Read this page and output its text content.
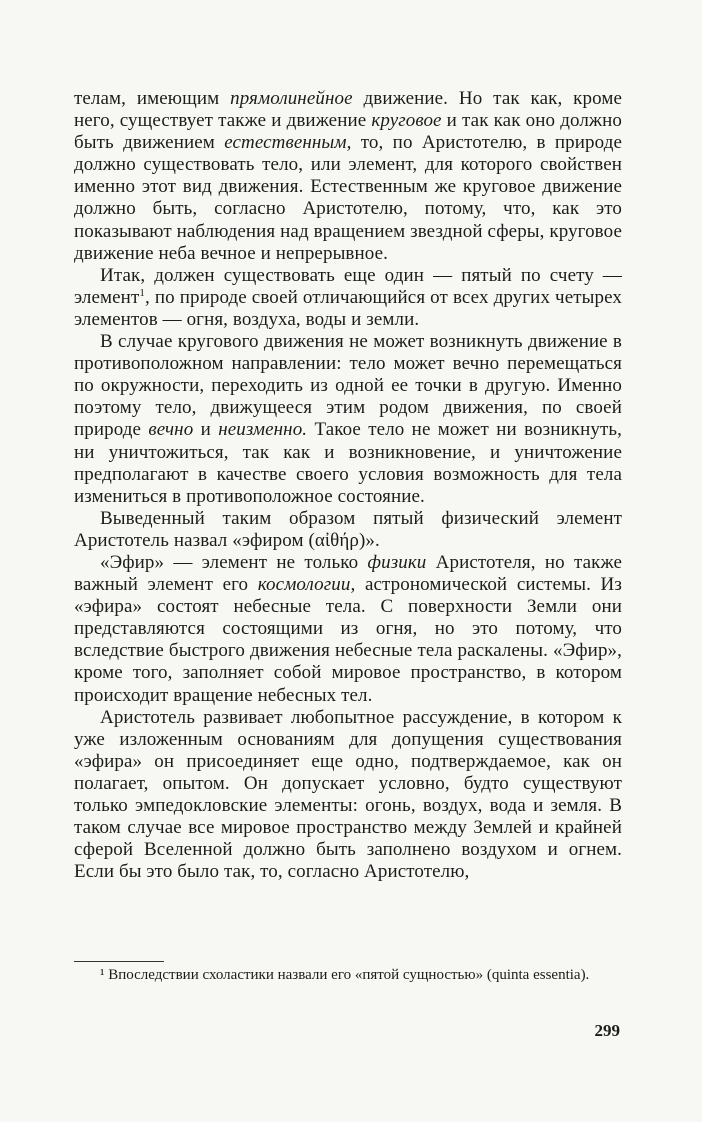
телам, имеющим прямолинейное движение. Но так как, кроме него, существует также и движение круговое и так как оно должно быть движением естественным, то, по Аристотелю, в природе должно существовать тело, или элемент, для которого свойствен именно этот вид движения. Естественным же круговое движение должно быть, согласно Аристотелю, потому, что, как это показывают наблюдения над вращением звездной сферы, круговое движение неба вечное и непрерывное.

Итак, должен существовать еще один — пятый по счету — элемент$^1$, по природе своей отличающийся от всех других четырех элементов — огня, воздуха, воды и земли.

В случае кругового движения не может возникнуть движение в противоположном направлении: тело может вечно перемещаться по окружности, переходить из одной ее точки в другую. Именно поэтому тело, движущееся этим родом движения, по своей природе вечно и неизменно. Такое тело не может ни возникнуть, ни уничтожиться, так как и возникновение, и уничтожение предполагают в качестве своего условия возможность для тела измениться в противоположное состояние.

Выведенный таким образом пятый физический элемент Аристотель назвал «эфиром (αἰθήρ)».

«Эфир» — элемент не только физики Аристотеля, но также важный элемент его космологии, астрономической системы. Из «эфира» состоят небесные тела. С поверхности Земли они представляются состоящими из огня, но это потому, что вследствие быстрого движения небесные тела раскалены. «Эфир», кроме того, заполняет собой мировое пространство, в котором происходит вращение небесных тел.

Аристотель развивает любопытное рассуждение, в котором к уже изложенным основаниям для допущения существования «эфира» он присоединяет еще одно, подтверждаемое, как он полагает, опытом. Он допускает условно, будто существуют только эмпедокловские элементы: огонь, воздух, вода и земля. В таком случае все мировое пространство между Землей и крайней сферой Вселенной должно быть заполнено воздухом и огнем. Если бы это было так, то, согласно Аристотелю,

¹ Впоследствии схоластики назвали его «пятой сущностью» (quinta essentia).

299
